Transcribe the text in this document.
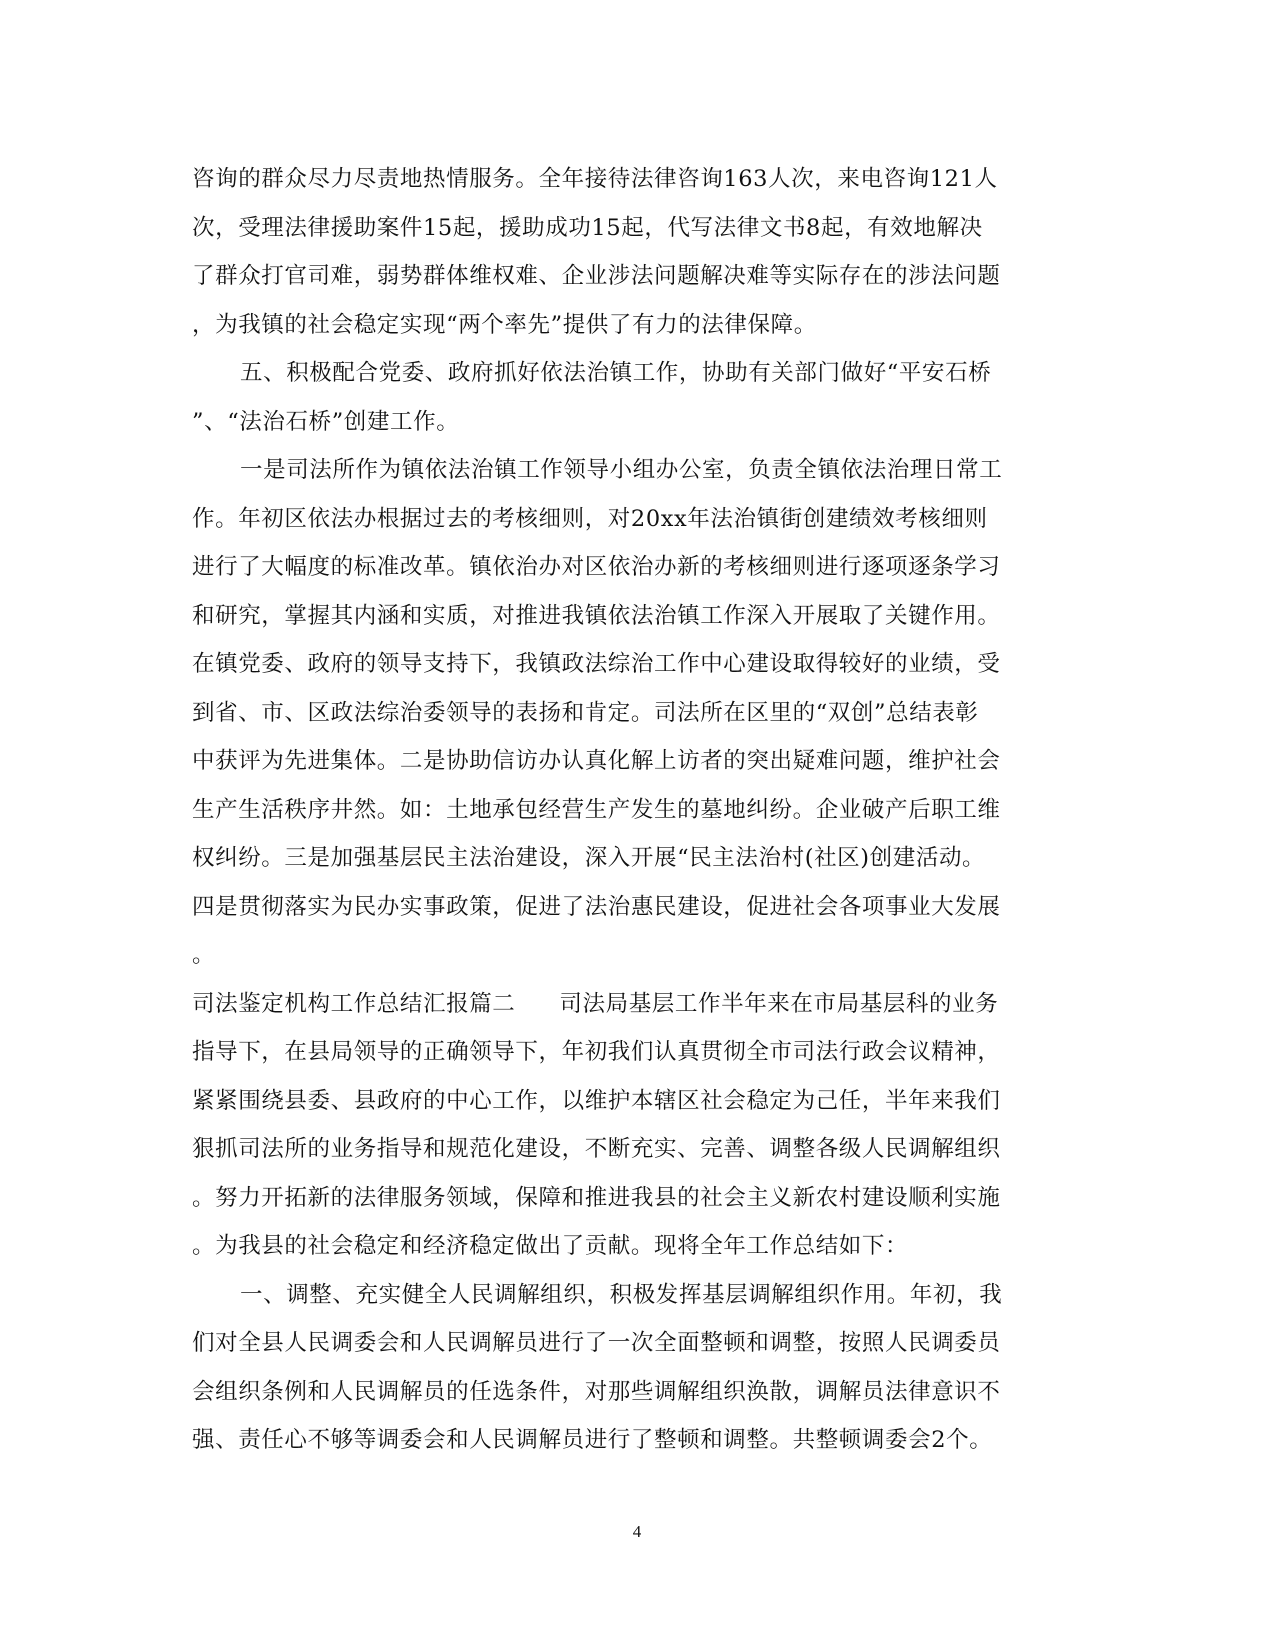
咨询的群众尽力尽责地热情服务。全年接待法律咨询163人次，来电咨询121人
次，受理法律援助案件15起，援助成功15起，代写法律文书8起，有效地解决
了群众打官司难，弱势群体维权难、企业涉法问题解决难等实际存在的涉法问题
，为我镇的社会稳定实现“两个率先”提供了有力的法律保障。
五、积极配合党委、政府抓好依法治镇工作，协助有关部门做好“平安石桥
”、“法治石桥”创建工作。
一是司法所作为镇依法治镇工作领导小组办公室，负责全镇依法治理日常工
作。年初区依法办根据过去的考核细则，对20xx年法治镇街创建绩效考核细则
进行了大幅度的标准改革。镇依治办对区依治办新的考核细则进行逐项逐条学习
和研究，掌握其内涵和实质，对推进我镇依法治镇工作深入开展取了关键作用。
在镇党委、政府的领导支持下，我镇政法综治工作中心建设取得较好的业绩，受
到省、市、区政法综治委领导的表扬和肯定。司法所在区里的“双创”总结表彰
中获评为先进集体。二是协助信访办认真化解上访者的突出疑难问题，维护社会
生产生活秩序井然。如：土地承包经营生产发生的墓地纠纷。企业破产后职工维
权纠纷。三是加强基层民主法治建设，深入开展“民主法治村(社区)创建活动。
四是贯彻落实为民办实事政策，促进了法治惠民建设，促进社会各项事业大发展
。
司法鉴定机构工作总结汇报篇二 司法局基层工作半年来在市局基层科的业务
指导下，在县局领导的正确领导下，年初我们认真贯彻全市司法行政会议精神，
紧紧围绕县委、县政府的中心工作，以维护本辖区社会稳定为己任，半年来我们
狠抓司法所的业务指导和规范化建设，不断充实、完善、调整各级人民调解组织
。努力开拓新的法律服务领域，保障和推进我县的社会主义新农村建设顺利实施
。为我县的社会稳定和经济稳定做出了贡献。现将全年工作总结如下：
一、调整、充实健全人民调解组织，积极发挥基层调解组织作用。年初，我
们对全县人民调委会和人民调解员进行了一次全面整顿和调整，按照人民调委员
会组织条例和人民调解员的任选条件，对那些调解组织涣散，调解员法律意识不
强、责任心不够等调委会和人民调解员进行了整顿和调整。共整顿调委会2个。
4
